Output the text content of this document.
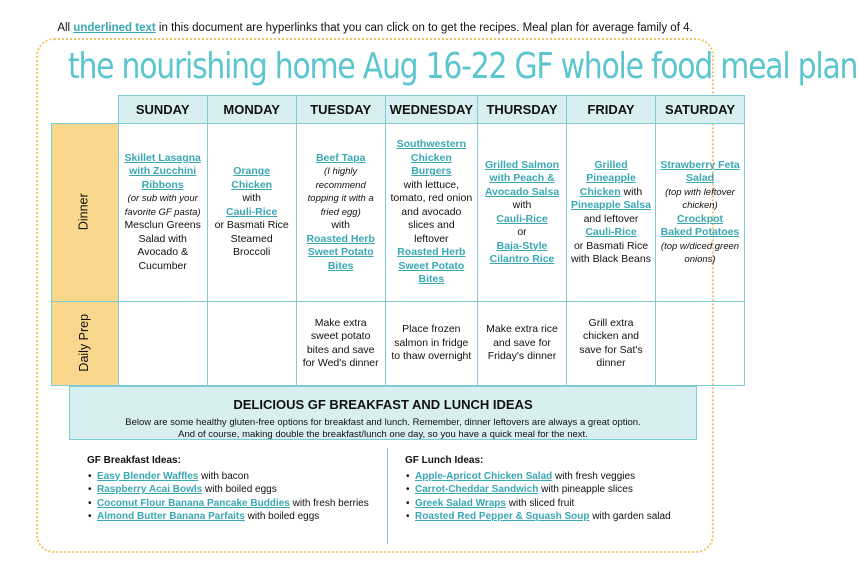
All underlined text in this document are hyperlinks that you can click on to get the recipes. Meal plan for average family of 4.
the nourishing home Aug 16-22 GF whole food meal plan
	SUNDAY	MONDAY	TUESDAY	WEDNESDAY	THURSDAY	FRIDAY	SATURDAY
Dinner	Skillet Lasagna with Zucchini Ribbons
(or sub with your favorite GF pasta)
Mesclun Greens Salad with Avocado & Cucumber	Orange Chicken
with
Cauli-Rice
or Basmati Rice Steamed Broccoli	Beef Tapa
(I highly recommend topping it with a fried egg)
with
Roasted Herb Sweet Potato Bites	Southwestern Chicken Burgers
with lettuce, tomato, red onion and avocado slices and leftover
Roasted Herb Sweet Potato Bites	Grilled Salmon with Peach & Avocado Salsa
with
Cauli-Rice
or
Baja-Style Cilantro Rice	Grilled Pineapple Chicken with Pineapple Salsa
and leftover
Cauli-Rice
or Basmati Rice with Black Beans	Strawberry Feta Salad
(top with leftover chicken)
Crockpot Baked Potatoes (top w/diced green onions)
Daily Prep			Make extra sweet potato bites and save for Wed's dinner	Place frozen salmon in fridge to thaw overnight	Make extra rice and save for Friday's dinner	Grill extra chicken and save for Sat's dinner	
DELICIOUS GF BREAKFAST AND LUNCH IDEAS
Below are some healthy gluten-free options for breakfast and lunch. Remember, dinner leftovers are always a great option.
And of course, making double the breakfast/lunch one day, so you have a quick meal for the next.
GF Breakfast Ideas:
• Easy Blender Waffles with bacon
• Raspberry Acai Bowls with boiled eggs
• Coconut Flour Banana Pancake Buddies with fresh berries
• Almond Butter Banana Parfaits with boiled eggs
GF Lunch Ideas:
• Apple-Apricot Chicken Salad with fresh veggies
• Carrot-Cheddar Sandwich with pineapple slices
• Greek Salad Wraps with sliced fruit
• Roasted Red Pepper & Squash Soup with garden salad
